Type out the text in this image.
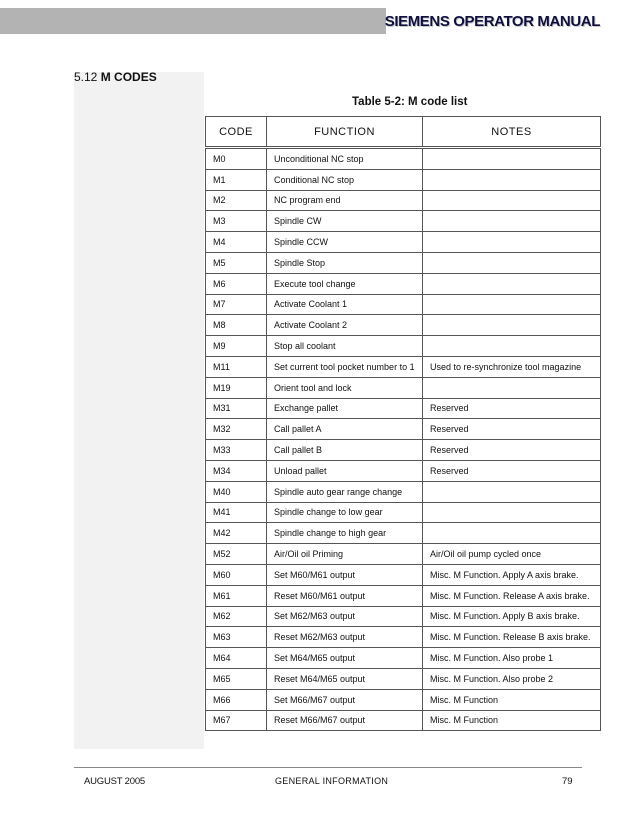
SIEMENS OPERATOR MANUAL
5.12 M CODES
Table 5-2: M code list
CODE	FUNCTION	NOTES
M0	Unconditional NC stop	
M1	Conditional NC stop	
M2	NC program end	
M3	Spindle CW	
M4	Spindle CCW	
M5	Spindle Stop	
M6	Execute tool change	
M7	Activate Coolant 1	
M8	Activate Coolant 2	
M9	Stop all coolant	
M11	Set current tool pocket number to 1	Used to re-synchronize tool magazine
M19	Orient tool and lock	
M31	Exchange pallet	Reserved
M32	Call pallet A	Reserved
M33	Call pallet B	Reserved
M34	Unload pallet	Reserved
M40	Spindle auto gear range change	
M41	Spindle change to low gear	
M42	Spindle change to high gear	
M52	Air/Oil oil Priming	Air/Oil oil pump cycled once
M60	Set M60/M61 output	Misc. M Function. Apply A axis brake.
M61	Reset M60/M61 output	Misc. M Function. Release A axis brake.
M62	Set M62/M63 output	Misc. M Function. Apply B axis brake.
M63	Reset M62/M63 output	Misc. M Function. Release B axis brake.
M64	Set M64/M65 output	Misc. M Function. Also probe 1
M65	Reset M64/M65 output	Misc. M Function. Also probe 2
M66	Set M66/M67 output	Misc. M Function
M67	Reset M66/M67 output	Misc. M Function
AUGUST 2005	GENERAL INFORMATION	79
